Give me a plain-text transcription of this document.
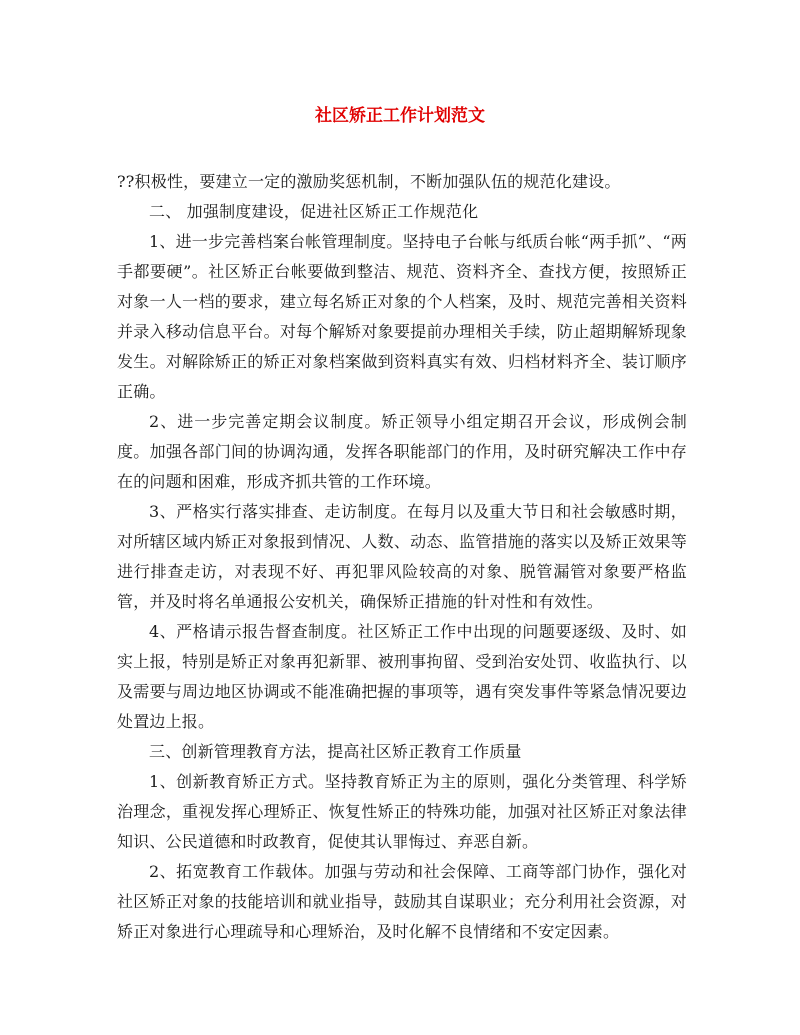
社区矫正工作计划范文

??积极性，要建立一定的激励奖惩机制，不断加强队伍的规范化建设。

二、 加强制度建设，促进社区矫正工作规范化

1、进一步完善档案台帐管理制度。坚持电子台帐与纸质台帐“两手抓”、“两手都要硬”。社区矫正台帐要做到整洁、规范、资料齐全、查找方便，按照矫正对象一人一档的要求，建立每名矫正对象的个人档案，及时、规范完善相关资料并录入移动信息平台。对每个解矫对象要提前办理相关手续，防止超期解矫现象发生。对解除矫正的矫正对象档案做到资料真实有效、归档材料齐全、装订顺序正确。

2、进一步完善定期会议制度。矫正领导小组定期召开会议，形成例会制度。加强各部门间的协调沟通，发挥各职能部门的作用，及时研究解决工作中存在的问题和困难，形成齐抓共管的工作环境。

3、严格实行落实排查、走访制度。在每月以及重大节日和社会敏感时期，对所辖区域内矫正对象报到情况、人数、动态、监管措施的落实以及矫正效果等进行排查走访，对表现不好、再犯罪风险较高的对象、脱管漏管对象要严格监管，并及时将名单通报公安机关，确保矫正措施的针对性和有效性。

4、严格请示报告督查制度。社区矫正工作中出现的问题要逐级、及时、如实上报，特别是矫正对象再犯新罪、被刑事拘留、受到治安处罚、收监执行、以及需要与周边地区协调或不能准确把握的事项等，遇有突发事件等紧急情况要边处置边上报。

三、创新管理教育方法，提高社区矫正教育工作质量

1、创新教育矫正方式。坚持教育矫正为主的原则，强化分类管理、科学矫治理念，重视发挥心理矫正、恢复性矫正的特殊功能，加强对社区矫正对象法律知识、公民道德和时政教育，促使其认罪悔过、弃恶自新。

2、拓宽教育工作载体。加强与劳动和社会保障、工商等部门协作，强化对社区矫正对象的技能培训和就业指导，鼓励其自谋职业；充分利用社会资源，对矫正对象进行心理疏导和心理矫治，及时化解不良情绪和不安定因素。
